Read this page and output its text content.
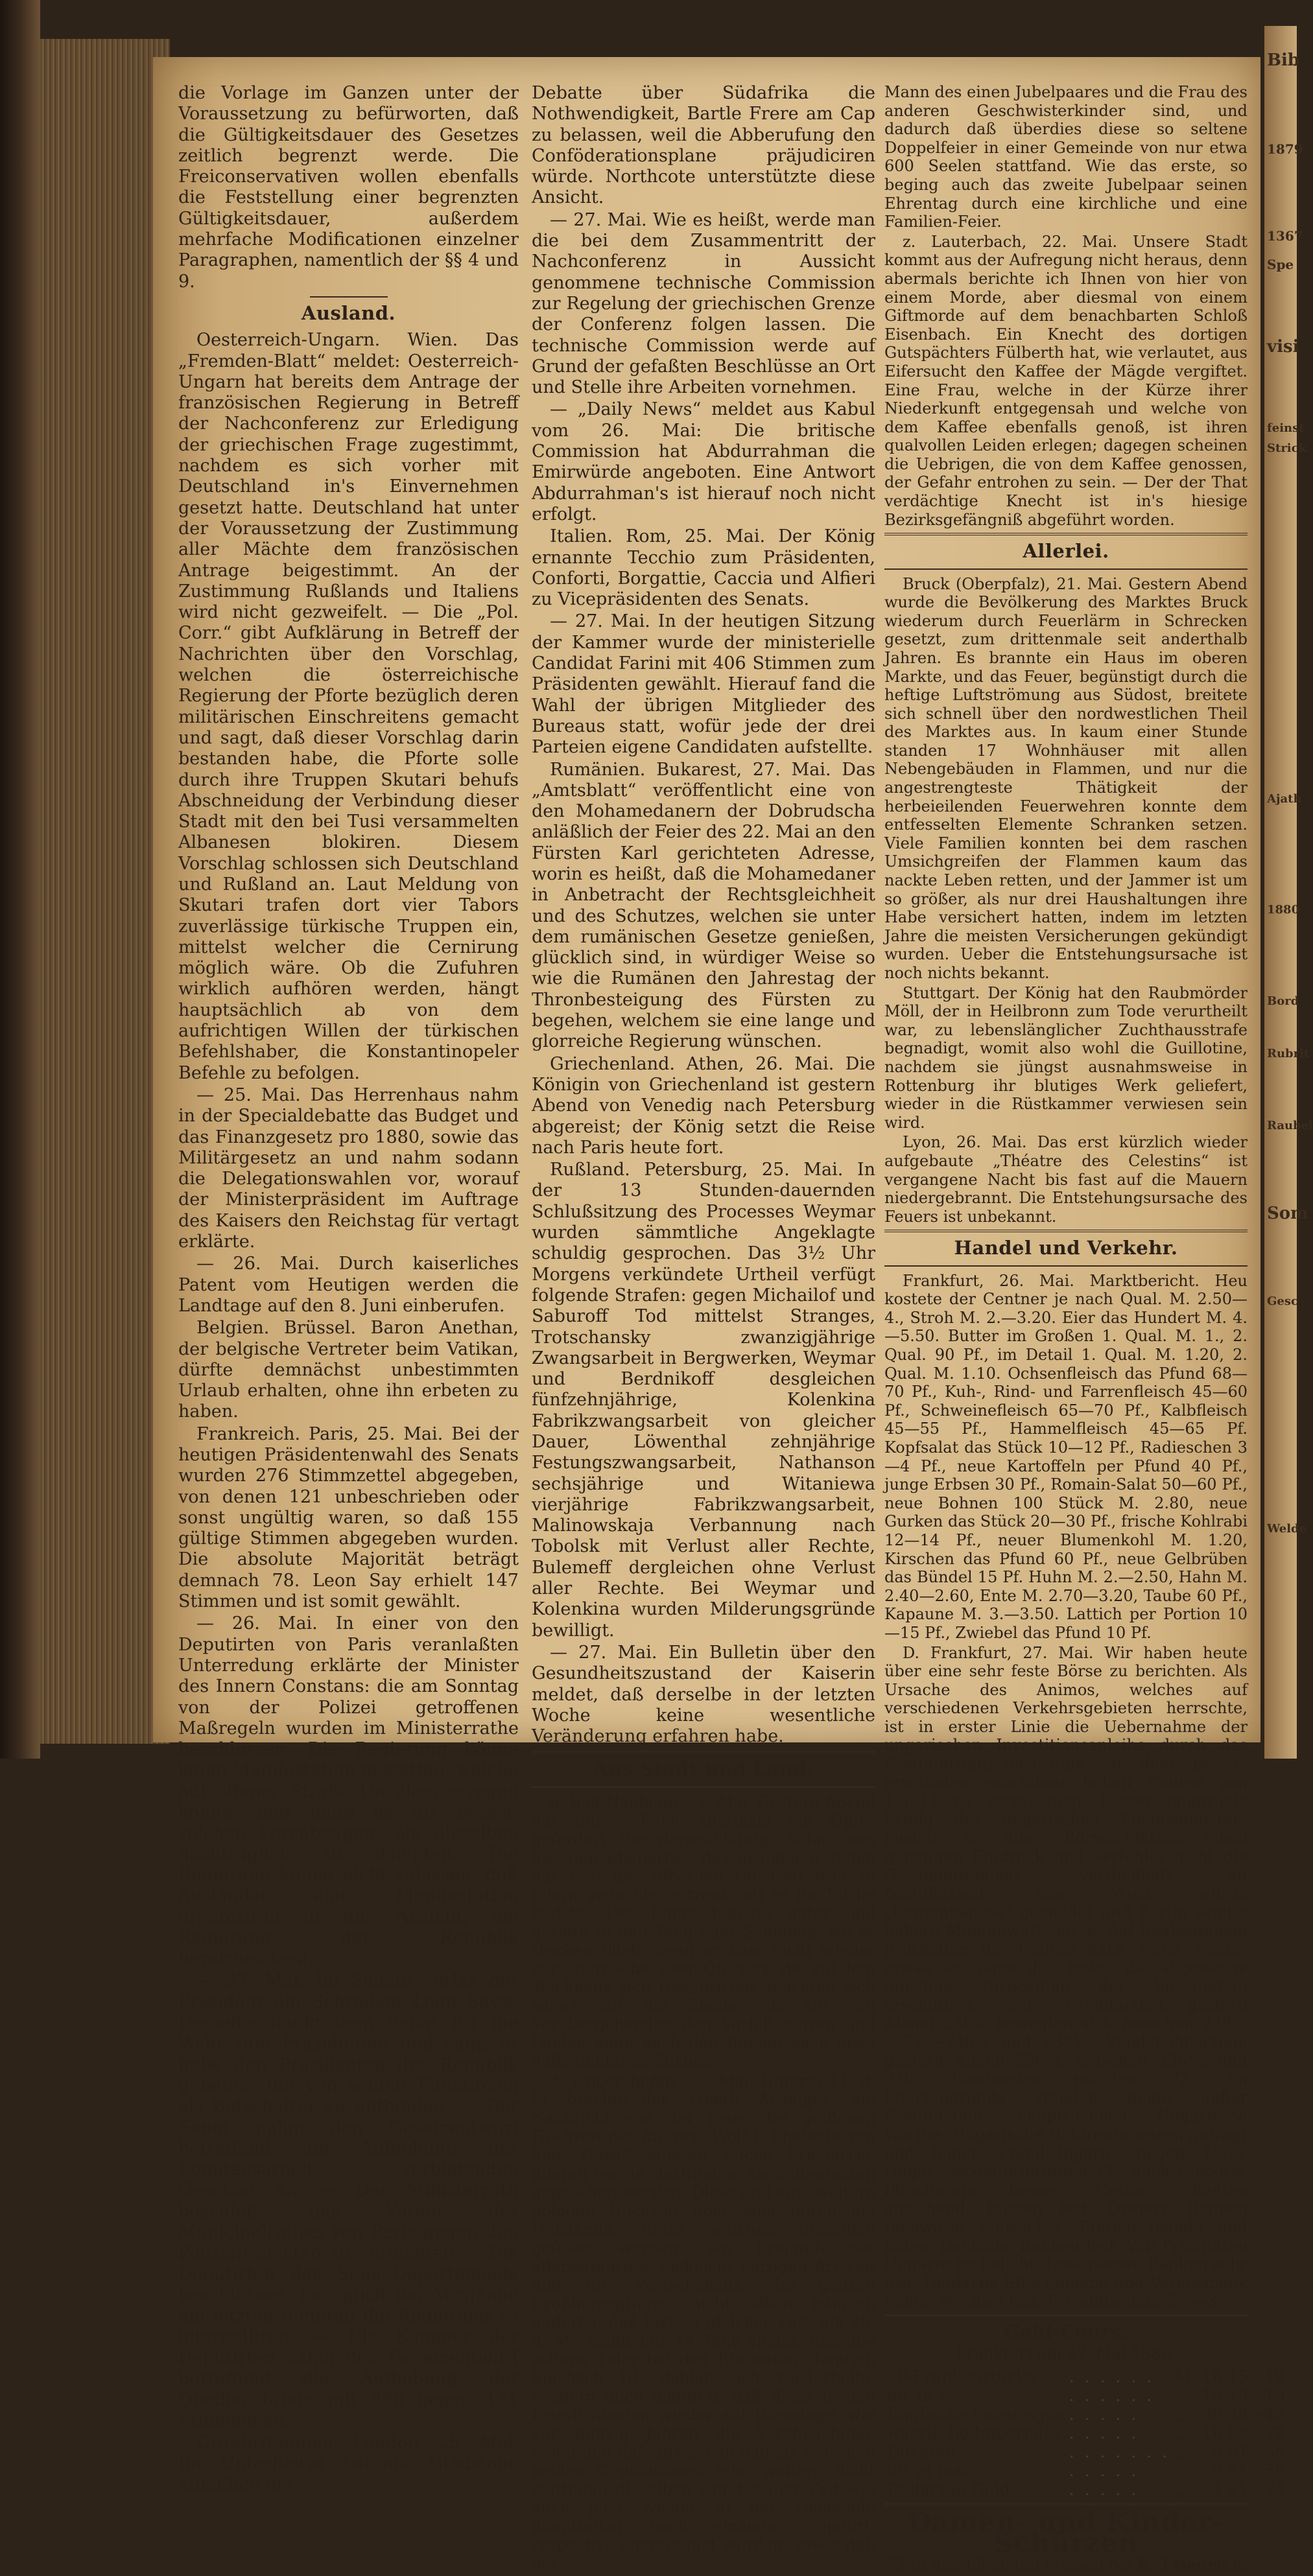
Bib
1879
1367
Spe
visi
feinst
Strick
Ajath
1880
Bord
Rubrit
Raubel
Som
Gesc
Welde

die Vorlage im Ganzen unter der Voraussetzung zu befürworten, daß die Gültigkeitsdauer des Gesetzes zeitlich begrenzt werde. Die Freiconservativen wollen ebenfalls die Feststellung einer begrenzten Gültigkeitsdauer, außerdem mehrfache Modificationen einzelner Paragraphen, namentlich der §§ 4 und 9.

Ausland.

Oesterreich-Ungarn. Wien. Das „Fremden-Blatt“ meldet: Oesterreich-Ungarn hat bereits dem Antrage der französischen Regierung in Betreff der Nachconferenz zur Erledigung der griechischen Frage zugestimmt, nachdem es sich vorher mit Deutschland in's Einvernehmen gesetzt hatte. Deutschland hat unter der Voraussetzung der Zustimmung aller Mächte dem französischen Antrage beigestimmt. An der Zustimmung Rußlands und Italiens wird nicht gezweifelt. — Die „Pol. Corr.“ gibt Aufklärung in Betreff der Nachrichten über den Vorschlag, welchen die österreichische Regierung der Pforte bezüglich deren militärischen Einschreitens gemacht und sagt, daß dieser Vorschlag darin bestanden habe, die Pforte solle durch ihre Truppen Skutari behufs Abschneidung der Verbindung dieser Stadt mit den bei Tusi versammelten Albanesen blokiren. Diesem Vorschlag schlossen sich Deutschland und Rußland an. Laut Meldung von Skutari trafen dort vier Tabors zuverlässige türkische Truppen ein, mittelst welcher die Cernirung möglich wäre. Ob die Zufuhren wirklich aufhören werden, hängt hauptsächlich ab von dem aufrichtigen Willen der türkischen Befehlshaber, die Konstantinopeler Befehle zu befolgen.

— 25. Mai. Das Herrenhaus nahm in der Specialdebatte das Budget und das Finanzgesetz pro 1880, sowie das Militärgesetz an und nahm sodann die Delegationswahlen vor, worauf der Ministerpräsident im Auftrage des Kaisers den Reichstag für vertagt erklärte.

— 26. Mai. Durch kaiserliches Patent vom Heutigen werden die Landtage auf den 8. Juni einberufen.

Belgien. Brüssel. Baron Anethan, der belgische Vertreter beim Vatikan, dürfte demnächst unbestimmten Urlaub erhalten, ohne ihn erbeten zu haben.

Frankreich. Paris, 25. Mai. Bei der heutigen Präsidentenwahl des Senats wurden 276 Stimmzettel abgegeben, von denen 121 unbeschrieben oder sonst ungültig waren, so daß 155 gültige Stimmen abgegeben wurden. Die absolute Majorität beträgt demnach 78. Leon Say erhielt 147 Stimmen und ist somit gewählt.

— 26. Mai. In einer von den Deputirten von Paris veranlaßten Unterredung erklärte der Minister des Innern Constans: die am Sonntag von der Polizei getroffenen Maßregeln wurden im Ministerrathe beschlossen. Die Regierung könne keine Manifestation gestatten, welche auf offener Straße Unruhen erregen könne, und halte es für besser, solchen vorzubeugen, als dieselben nachträglich zu dämpfen. Die Regierung könne nicht zulassen, daß Ausländer eine Manifestation organisiren in der Absicht, die Regierung der Republik herabzusetzen.

— 27. Mai. Im Senate verlas der Präsident ein Schreiben Leon Say's. Derselbe dankt dem Senat für die Wahl zum Präsidenten und sagt, er habe den Präsidenten der Republik gebeten, ihn von seinen Funktionen als Botschafter zu entbinden. — Der Senat nahm den Gesetzentwurf betreffend die Aufhebung des Sonntagsarbeit verbietenden Gesetzes an. — Der Ministerrath beschloß, das Votum des Municipalrathes von Paris gegen den Polizeipräfecten zu vernichten — Die Deputirten des Seine-Departements beschlossen, bezüglich der Vorgänge am letzten Sonntag die Regierung zu interpelliren. — Die Kammer der Deputirten nahm den Gesetzentwurf betreffend die Aufhebung der Obedienzbriefe mit 366 gegen 121 Stimmen an.

Großbritannien. London, 25. Mai. Im Unterhause betonte Gladstone anläßlich der

Debatte über Südafrika die Nothwendigkeit, Bartle Frere am Cap zu belassen, weil die Abberufung den Conföderationsplane präjudiciren würde. Northcote unterstützte diese Ansicht.

— 27. Mai. Wie es heißt, werde man die bei dem Zusammentritt der Nachconferenz in Aussicht genommene technische Commission zur Regelung der griechischen Grenze der Conferenz folgen lassen. Die technische Commission werde auf Grund der gefaßten Beschlüsse an Ort und Stelle ihre Arbeiten vornehmen.

— „Daily News“ meldet aus Kabul vom 26. Mai: Die britische Commission hat Abdurrahman die Emirwürde angeboten. Eine Antwort Abdurrahman's ist hierauf noch nicht erfolgt.

Italien. Rom, 25. Mai. Der König ernannte Tecchio zum Präsidenten, Conforti, Borgattie, Caccia und Alfieri zu Vicepräsidenten des Senats.

— 27. Mai. In der heutigen Sitzung der Kammer wurde der ministerielle Candidat Farini mit 406 Stimmen zum Präsidenten gewählt. Hierauf fand die Wahl der übrigen Mitglieder des Bureaus statt, wofür jede der drei Parteien eigene Candidaten aufstellte.

Rumänien. Bukarest, 27. Mai. Das „Amtsblatt“ veröffentlicht eine von den Mohamedanern der Dobrudscha anläßlich der Feier des 22. Mai an den Fürsten Karl gerichteten Adresse, worin es heißt, daß die Mohamedaner in Anbetracht der Rechtsgleichheit und des Schutzes, welchen sie unter dem rumänischen Gesetze genießen, glücklich sind, in würdiger Weise so wie die Rumänen den Jahrestag der Thronbesteigung des Fürsten zu begehen, welchem sie eine lange und glorreiche Regierung wünschen.

Griechenland. Athen, 26. Mai. Die Königin von Griechenland ist gestern Abend von Venedig nach Petersburg abgereist; der König setzt die Reise nach Paris heute fort.

Rußland. Petersburg, 25. Mai. In der 13 Stunden-dauernden Schlußsitzung des Processes Weymar wurden sämmtliche Angeklagte schuldig gesprochen. Das 3½ Uhr Morgens verkündete Urtheil verfügt folgende Strafen: gegen Michailof und Saburoff Tod mittelst Stranges, Trotschansky zwanzigjährige Zwangsarbeit in Bergwerken, Weymar und Berdnikoff desgleichen fünfzehnjährige, Kolenkina Fabrikzwangsarbeit von gleicher Dauer, Löwenthal zehnjährige Festungszwangsarbeit, Nathanson sechsjährige und Witaniewa vierjährige Fabrikzwangsarbeit, Malinowskaja Verbannung nach Tobolsk mit Verlust aller Rechte, Bulemeff dergleichen ohne Verlust aller Rechte. Bei Weymar und Kolenkina wurden Milderungsgründe bewilligt.

— 27. Mai. Ein Bulletin über den Gesundheitszustand der Kaiserin meldet, daß derselbe in der letzten Woche keine wesentliche Veränderung erfahren habe.

Aus Stadt und Land.

n. Bad-Nauheim, 22. Mai. Gestern Abend hat unser Teich abermals ein Opfer gefordert. Der vierzehnjährige Sohn eines hiesigen Eheparres, das in einigen Tagen das Fest der silbernen Hochzeit froh zu feiern gedachte, ertrank, als er im Teiche badete. Der Junge tauchte unter und gerieth in den Tang oder Schlamm, wo er stecken blieb, denn er kam nicht wieder zur Oberfläche. Zwei Officiere, die auf dem Teichhaus sich restaurirten, machten sich sofort auf die Suche, als sie von Vorübergehenden den Vorfall hörten und fanden dann auch den Jungen nach etwa halbstündigem Suchen.

A. Oppershofen, 25. Mai. Unterm 11. d. M. brachte der „Oberh. Anzeiger“ die Nachricht von der Feier der goldenen Hochzeit der Andreas Wolf I. Eheleute von hier. Gewiß müssen solche Ereignisse, überall wo sie stattfinden, als Seltenheiten angesehen werden. Diese und eine weitere goldene Hochzeit aber sind durch die Umstände, unter welchen dieselben gefeiert wurden, ein Ereigniß der allerseltensten, vielleicht einzigen Art seit und für Menschenalter im ganzen Großherzogthum: nicht allein nämlich dadurch, daß fast zu gleicher Zeit, am 25. d. M., somit nur 14 Tage später, dieselbe seltene Feier bei den Eheleuten Heinrich Sulzbach III. dahier sich wiederholte, sondern auch dadurch, daß diese beiden Feierlichkeiten wieder auf Dienstage, wie vor fünfzig Jahren die Verehelichung, fielen und daß außerdem damals zwischen beiden Copulationen eine weitere nicht stattfand, dieselben somit seiner Zeit wie auch jetzt wieder in der Gemeinde unmittelbar nach einander copulirt, respektive eingesegnet wurden, sowie daß der

Mann des einen Jubelpaares und die Frau des anderen Geschwisterkinder sind, und dadurch daß überdies diese so seltene Doppelfeier in einer Gemeinde von nur etwa 600 Seelen stattfand. Wie das erste, so beging auch das zweite Jubelpaar seinen Ehrentag durch eine kirchliche und eine Familien-Feier.

z. Lauterbach, 22. Mai. Unsere Stadt kommt aus der Aufregung nicht heraus, denn abermals berichte ich Ihnen von hier von einem Morde, aber diesmal von einem Giftmorde auf dem benachbarten Schloß Eisenbach. Ein Knecht des dortigen Gutspächters Fülberth hat, wie verlautet, aus Eifersucht den Kaffee der Mägde vergiftet. Eine Frau, welche in der Kürze ihrer Niederkunft entgegensah und welche von dem Kaffee ebenfalls genoß, ist ihren qualvollen Leiden erlegen; dagegen scheinen die Uebrigen, die von dem Kaffee genossen, der Gefahr entrohen zu sein. — Der der That verdächtige Knecht ist in's hiesige Bezirksgefängniß abgeführt worden.

Allerlei.

Bruck (Oberpfalz), 21. Mai. Gestern Abend wurde die Bevölkerung des Marktes Bruck wiederum durch Feuerlärm in Schrecken gesetzt, zum drittenmale seit anderthalb Jahren. Es brannte ein Haus im oberen Markte, und das Feuer, begünstigt durch die heftige Luftströmung aus Südost, breitete sich schnell über den nordwestlichen Theil des Marktes aus. In kaum einer Stunde standen 17 Wohnhäuser mit allen Nebengebäuden in Flammen, und nur die angestrengteste Thätigkeit der herbeieilenden Feuerwehren konnte dem entfesselten Elemente Schranken setzen. Viele Familien konnten bei dem raschen Umsichgreifen der Flammen kaum das nackte Leben retten, und der Jammer ist um so größer, als nur drei Haushaltungen ihre Habe versichert hatten, indem im letzten Jahre die meisten Versicherungen gekündigt wurden. Ueber die Entstehungsursache ist noch nichts bekannt.

Stuttgart. Der König hat den Raubmörder Möll, der in Heilbronn zum Tode verurtheilt war, zu lebenslänglicher Zuchthausstrafe begnadigt, womit also wohl die Guillotine, nachdem sie jüngst ausnahmsweise in Rottenburg ihr blutiges Werk geliefert, wieder in die Rüstkammer verwiesen sein wird.

Lyon, 26. Mai. Das erst kürzlich wieder aufgebaute „Théatre des Celestins“ ist vergangene Nacht bis fast auf die Mauern niedergebrannt. Die Entstehungsursache des Feuers ist unbekannt.

Handel und Verkehr.

Frankfurt, 26. Mai. Marktbericht. Heu kostete der Centner je nach Qual. M. 2.50—4., Stroh M. 2.—3.20. Eier das Hundert M. 4.—5.50. Butter im Großen 1. Qual. M. 1., 2. Qual. 90 Pf., im Detail 1. Qual. M. 1.20, 2. Qual. M. 1.10. Ochsenfleisch das Pfund 68—70 Pf., Kuh-, Rind- und Farrenfleisch 45—60 Pf., Schweinefleisch 65—70 Pf., Kalbfleisch 45—55 Pf., Hammelfleisch 45—65 Pf. Kopfsalat das Stück 10—12 Pf., Radieschen 3—4 Pf., neue Kartoffeln per Pfund 40 Pf., junge Erbsen 30 Pf., Romain-Salat 50—60 Pf., neue Bohnen 100 Stück M. 2.80, neue Gurken das Stück 20—30 Pf., frische Kohlrabi 12—14 Pf., neuer Blumenkohl M. 1.20, Kirschen das Pfund 60 Pf., neue Gelbrüben das Bündel 15 Pf. Huhn M. 2.—2.50, Hahn M. 2.40—2.60, Ente M. 2.70—3.20, Taube 60 Pf., Kapaune M. 3.—3.50. Lattich per Portion 10—15 Pf., Zwiebel das Pfund 10 Pf.

D. Frankfurt, 27. Mai. Wir haben heute über eine sehr feste Börse zu berichten. Als Ursache des Animos, welches auf verschiedenen Verkehrsgebieten herrschte, ist in erster Linie die Uebernahme der ungarischen Investitionsanleihe durch das Creditanstaltsconsortium zu dem bereits erwähnten exorbitant hohen Course von 106,11 zu verzeichnen. Dieser finanzielle Erfolg des ungarischen Finanzministers machte an allen Börsen-Plätzen einen günstigen Eindruck und verfehlte nicht die Gesammttendenz vortheilhaft zu beeinflussen. Von Wien wurde „Rentenhausse“ gemeldet und Berlin sandte höhere Montanwertcourse. Auf Realisationen bröckelten die Course nach Notiz wieder etwas ab, ohne daß indeß die allgemeine günstige Disposition der Speculation erschüttert wurde. Creditactien, gestern Abend 238⅝ bewegten sich zwischen 239—237⅝—240⅛ und 239½, Staatsbahnactien, gestern Abend 236⅜, zwischen 236¼, und 236. Lombarden notirten 72. Im Boersengrunde standen heute außer Creditactien, hauptsächlich Ungarische Werthe. Ungarische Goldrente waren gefragt und höher. Pfund-Ungarn stiegen 1½%, Ungar. Secondprioritäten 1%, auch Gömörer Pfandbriefe besser. Oesterr. Renten anziehend. Russen fest. Oesterr. Bahnen theilweise schwächer. Elbthal beliebt und höher. Deutsche Bahnen fest. Von Prioritäten Ungarische beliebt. Lose besser. Banken sehr fest. Deutsche Effectenbank und Vereinsbank höher. Wechsel fest. Privatdisconto 2⅞—3%.

Geld-Cours.
Frankfurt am 27. Mai 1880.
20-Frankenstücke	. . . . . .	M.	16 15—19
do. in ½	. . . . . .	„	16 15—19
Englische Sovereigns	. . . . .	„	20 38—42
Russische Imperiales	. . . . .	„	16 68—72
Ducaten	. . . . . . .	„	9 51—55
do. al marco	. . . . .	„	9 51—55
Dollars in Gold	. . . . .	„	4 21—24
Damen- und Kinder-Schürzen
73 zu den billigsten Preisen bei K. Friedrich.
